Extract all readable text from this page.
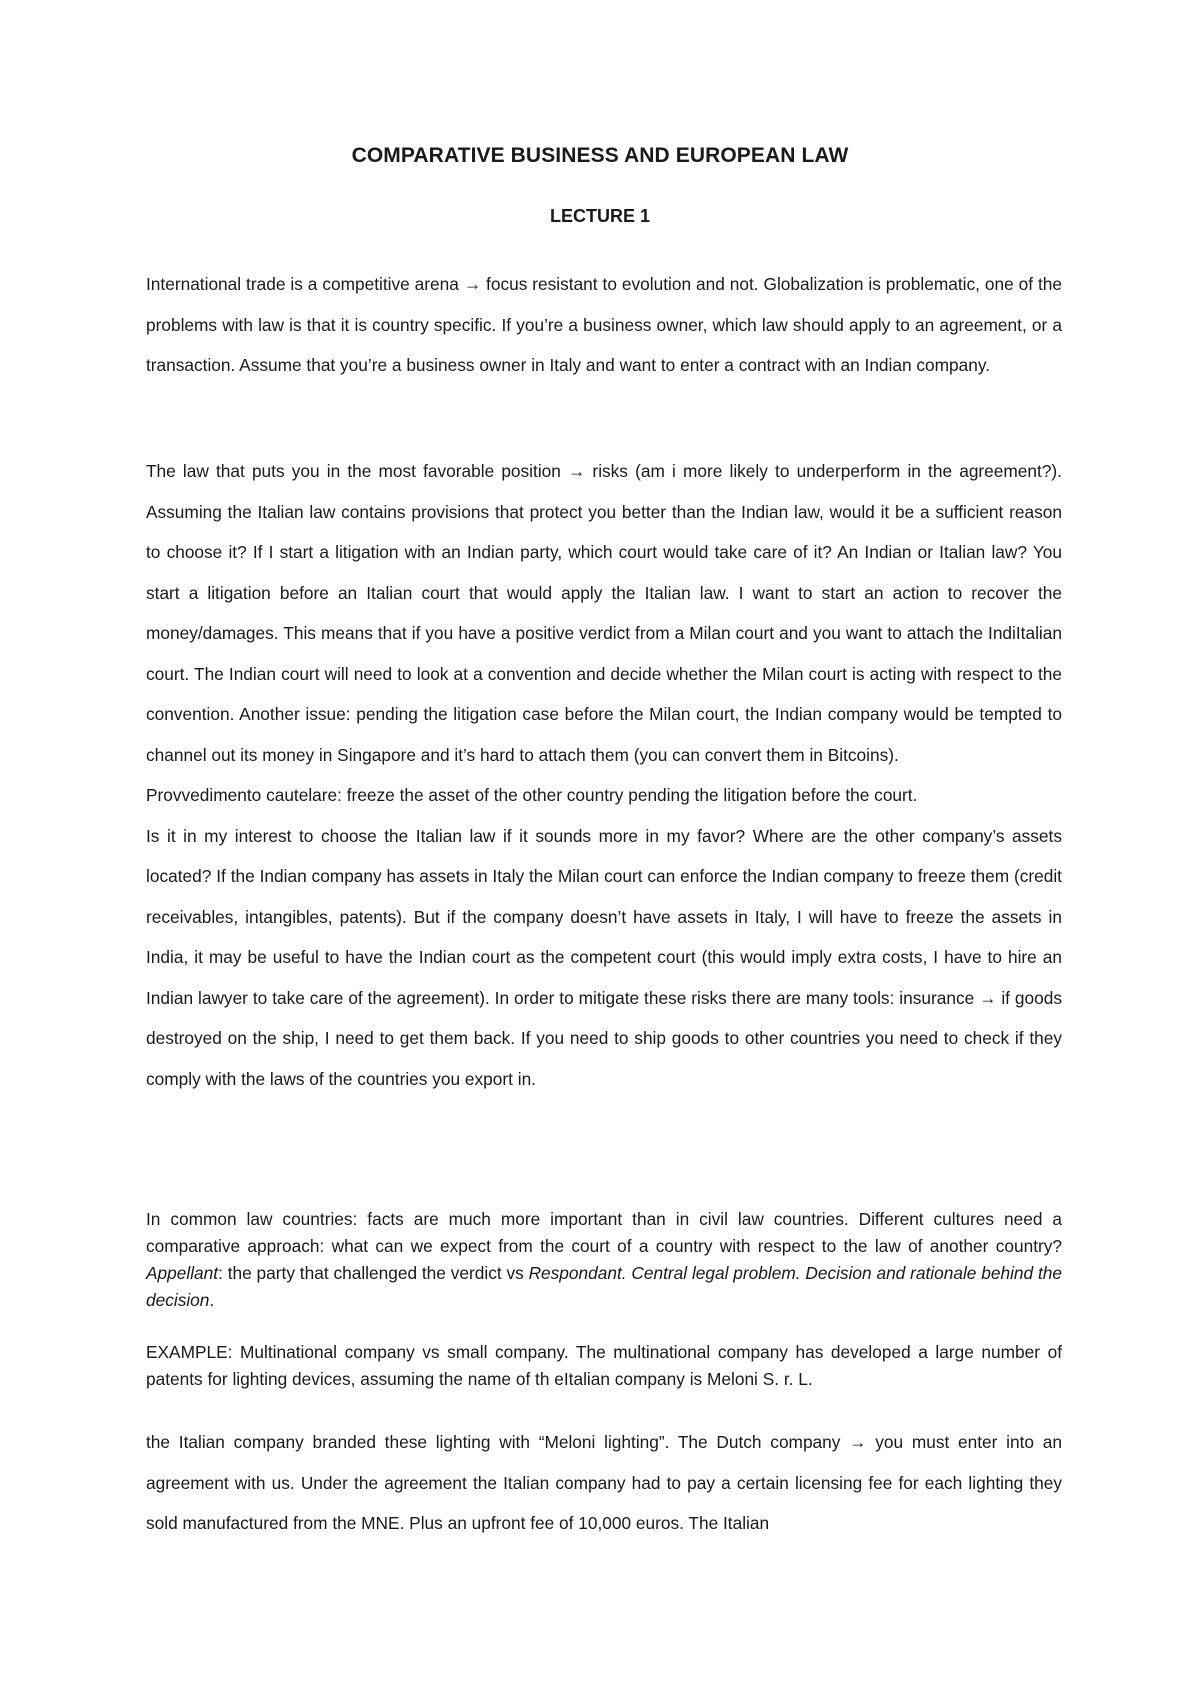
COMPARATIVE BUSINESS AND EUROPEAN LAW
LECTURE 1

International trade is a competitive arena → focus resistant to evolution and not. Globalization is problematic, one of the problems with law is that it is country specific. If you’re a business owner, which law should apply to an agreement, or a transaction. Assume that you’re a business owner in Italy and want to enter a contract with an Indian company.

The law that puts you in the most favorable position → risks (am i more likely to underperform in the agreement?). Assuming the Italian law contains provisions that protect you better than the Indian law, would it be a sufficient reason to choose it? If I start a litigation with an Indian party, which court would take care of it? An Indian or Italian law? You start a litigation before an Italian court that would apply the Italian law. I want to start an action to recover the money/damages. This means that if you have a positive verdict from a Milan court and you want to attach the IndiItalian court. The Indian court will need to look at a convention and decide whether the Milan court is acting with respect to the convention. Another issue: pending the litigation case before the Milan court, the Indian company would be tempted to channel out its money in Singapore and it’s hard to attach them (you can convert them in Bitcoins).
Provvedimento cautelare: freeze the asset of the other country pending the litigation before the court.
Is it in my interest to choose the Italian law if it sounds more in my favor? Where are the other company’s assets located? If the Indian company has assets in Italy the Milan court can enforce the Indian company to freeze them (credit receivables, intangibles, patents). But if the company doesn’t have assets in Italy, I will have to freeze the assets in India, it may be useful to have the Indian court as the competent court (this would imply extra costs, I have to hire an Indian lawyer to take care of the agreement). In order to mitigate these risks there are many tools: insurance → if goods destroyed on the ship, I need to get them back. If you need to ship goods to other countries you need to check if they comply with the laws of the countries you export in.

In common law countries: facts are much more important than in civil law countries. Different cultures need a comparative approach: what can we expect from the court of a country with respect to the law of another country? Appellant: the party that challenged the verdict vs Respondant. Central legal problem. Decision and rationale behind the decision.

EXAMPLE: Multinational company vs small company. The multinational company has developed a large number of patents for lighting devices, assuming the name of th eItalian company is Meloni S. r. L.

the Italian company branded these lighting with “Meloni lighting”. The Dutch company → you must enter into an agreement with us. Under the agreement the Italian company had to pay a certain licensing fee for each lighting they sold manufactured from the MNE. Plus an upfront fee of 10,000 euros. The Italian
